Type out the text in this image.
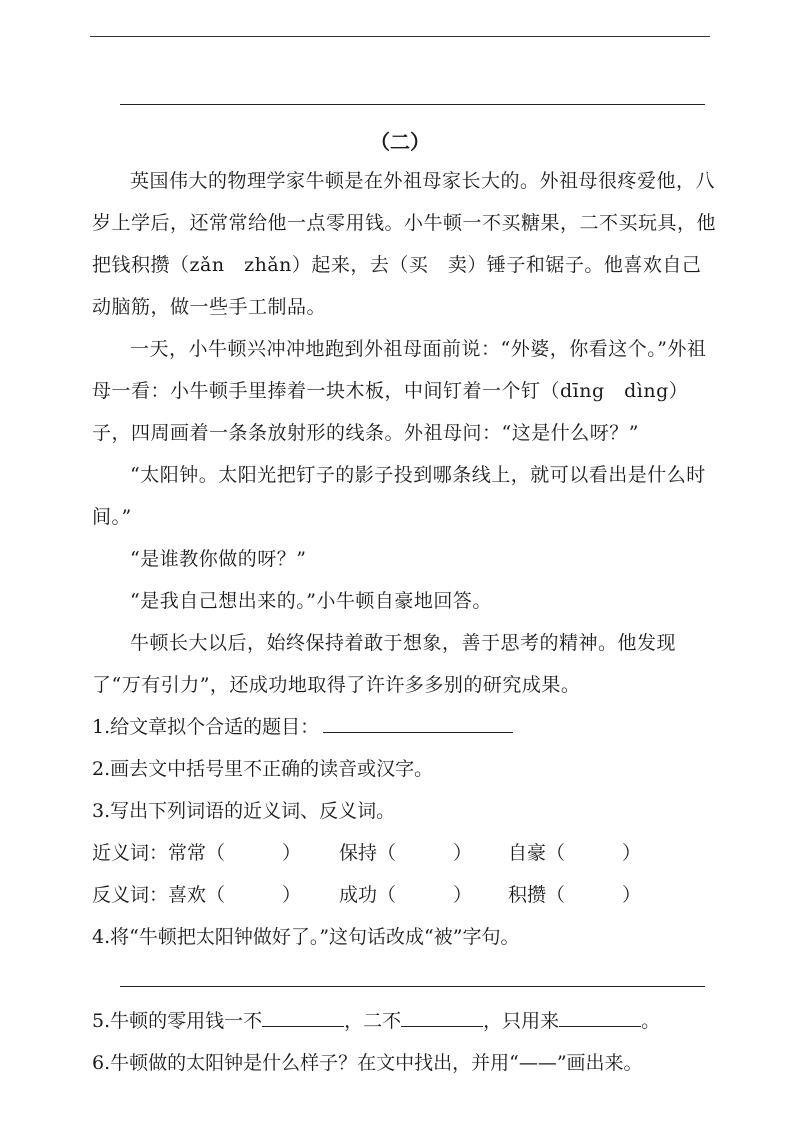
（二）

英国伟大的物理学家牛顿是在外祖母家长大的。外祖母很疼爱他，八岁上学后，还常常给他一点零用钱。小牛顿一不买糖果，二不买玩具，他把钱积攒（zǎn　zhǎn）起来，去（买　卖）锤子和锯子。他喜欢自己动脑筋，做一些手工制品。

一天，小牛顿兴冲冲地跑到外祖母面前说：“外婆，你看这个。”外祖母一看：小牛顿手里捧着一块木板，中间钉着一个钉（dīng　dìng）子，四周画着一条条放射形的线条。外祖母问：“这是什么呀？”

“太阳钟。太阳光把钉子的影子投到哪条线上，就可以看出是什么时间。”

“是谁教你做的呀？”

“是我自己想出来的。”小牛顿自豪地回答。

牛顿长大以后，始终保持着敢于想象，善于思考的精神。他发现了“万有引力”，还成功地取得了许许多多别的研究成果。

1.给文章拟个合适的题目：

2.画去文中括号里不正确的读音或汉字。

3.写出下列词语的近义词、反义词。

近义词：常常（　　　） 保持（　　　） 自豪（　　　）
反义词：喜欢（　　　） 成功（　　　） 积攒（　　　）

4.将“牛顿把太阳钟做好了。”这句话改成“被”字句。

5.牛顿的零用钱一不	，二不	，只用来	。

6.牛顿做的太阳钟是什么样子？在文中找出，并用“——”画出来。
